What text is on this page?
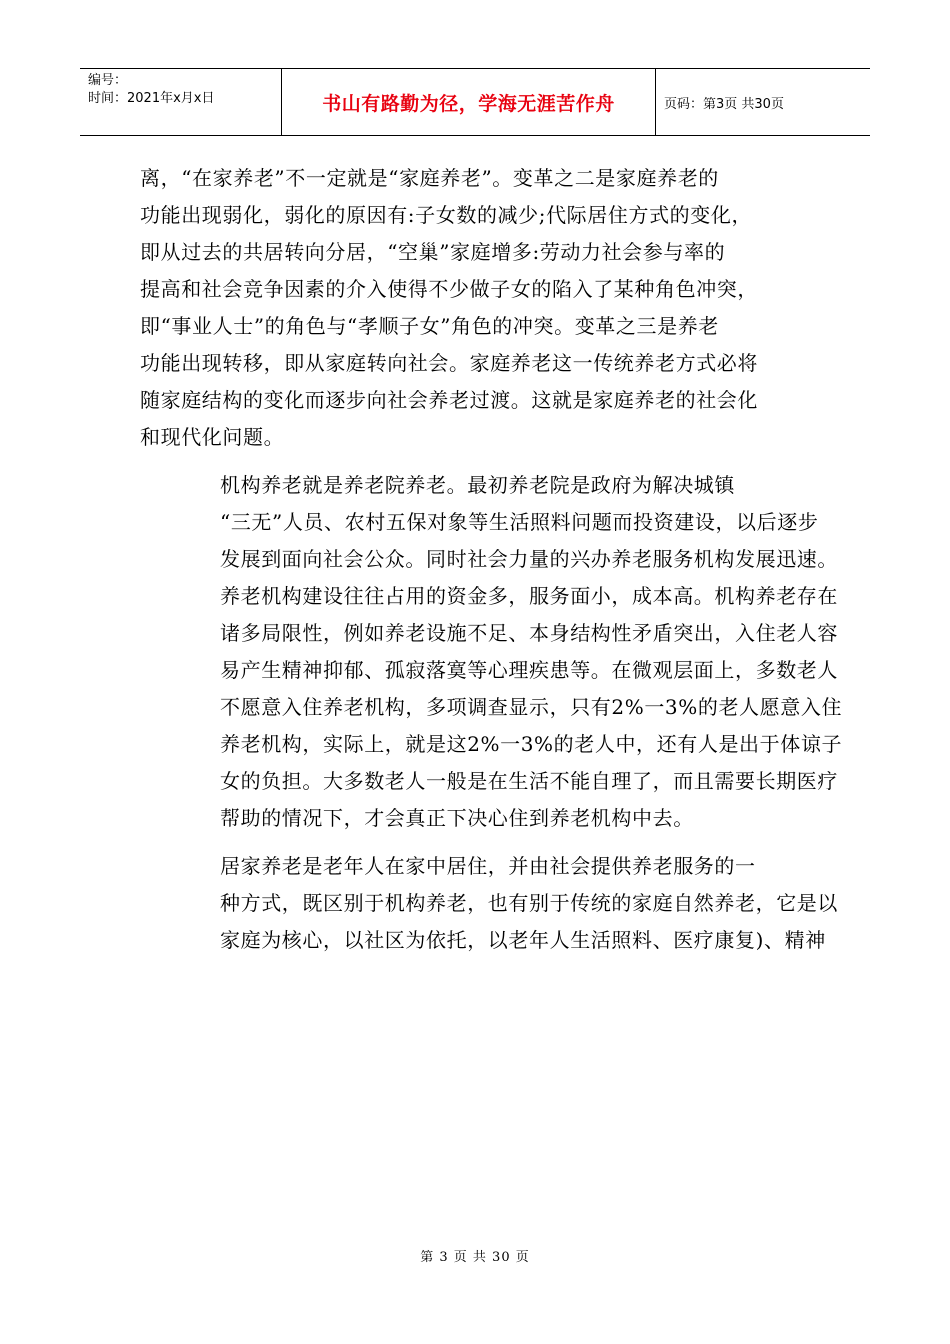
编号：
时间：2021年x月x日	书山有路勤为径，学海无涯苦作舟	页码：第3页 共30页

离，“在家养老”不一定就是“家庭养老”。变革之二是家庭养老的
功能出现弱化，弱化的原因有:子女数的减少;代际居住方式的变化，
即从过去的共居转向分居，“空巢”家庭增多:劳动力社会参与率的
提高和社会竞争因素的介入使得不少做子女的陷入了某种角色冲突，
即“事业人士”的角色与“孝顺子女”角色的冲突。变革之三是养老
功能出现转移，即从家庭转向社会。家庭养老这一传统养老方式必将
随家庭结构的变化而逐步向社会养老过渡。这就是家庭养老的社会化
和现代化问题。

机构养老就是养老院养老。最初养老院是政府为解决城镇
“三无”人员、农村五保对象等生活照料问题而投资建设，以后逐步
发展到面向社会公众。同时社会力量的兴办养老服务机构发展迅速。
养老机构建设往往占用的资金多，服务面小，成本高。机构养老存在
诸多局限性，例如养老设施不足、本身结构性矛盾突出，入住老人容
易产生精神抑郁、孤寂落寞等心理疾患等。在微观层面上，多数老人
不愿意入住养老机构，多项调查显示，只有2%一3%的老人愿意入住
养老机构，实际上，就是这2%一3%的老人中，还有人是出于体谅子
女的负担。大多数老人一般是在生活不能自理了，而且需要长期医疗
帮助的情况下，才会真正下决心住到养老机构中去。

居家养老是老年人在家中居住，并由社会提供养老服务的一
种方式，既区别于机构养老，也有别于传统的家庭自然养老，它是以
家庭为核心，以社区为依托，以老年人生活照料、医疗康复)、精神

第 3 页 共 30 页
